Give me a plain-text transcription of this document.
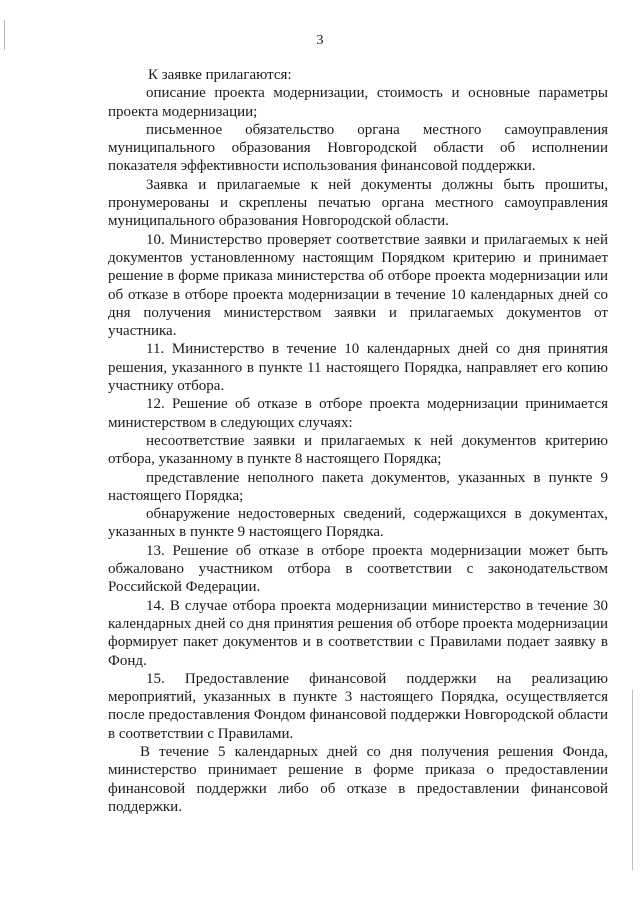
3

К заявке прилагаются:

описание проекта модернизации, стоимость и основные параметры проекта модернизации;

письменное обязательство органа местного самоуправления муниципального образования Новгородской области об исполнении показателя эффективности использования финансовой поддержки.

Заявка и прилагаемые к ней документы должны быть прошиты, пронумерованы и скреплены печатью органа местного самоуправления муниципального образования Новгородской области.

10. Министерство проверяет соответствие заявки и прилагаемых к ней документов установленному настоящим Порядком критерию и принимает решение в форме приказа министерства об отборе проекта модернизации или об отказе в отборе проекта модернизации в течение 10 календарных дней со дня получения министерством заявки и прилагаемых документов от участника.

11. Министерство в течение 10 календарных дней со дня принятия решения, указанного в пункте 11 настоящего Порядка, направляет его копию участнику отбора.

12. Решение об отказе в отборе проекта модернизации принимается министерством в следующих случаях:

несоответствие заявки и прилагаемых к ней документов критерию отбора, указанному в пункте 8 настоящего Порядка;

представление неполного пакета документов, указанных в пункте 9 настоящего Порядка;

обнаружение недостоверных сведений, содержащихся в документах, указанных в пункте 9 настоящего Порядка.

13. Решение об отказе в отборе проекта модернизации может быть обжаловано участником отбора в соответствии с законодательством Российской Федерации.

14. В случае отбора проекта модернизации министерство в течение 30 календарных дней со дня принятия решения об отборе проекта модернизации формирует пакет документов и в соответствии с Правилами подает заявку в Фонд.

15. Предоставление финансовой поддержки на реализацию мероприятий, указанных в пункте 3 настоящего Порядка, осуществляется после предоставления Фондом финансовой поддержки Новгородской области в соответствии с Правилами.

В течение 5 календарных дней со дня получения решения Фонда, министерство принимает решение в форме приказа о предоставлении финансовой поддержки либо об отказе в предоставлении финансовой поддержки.
